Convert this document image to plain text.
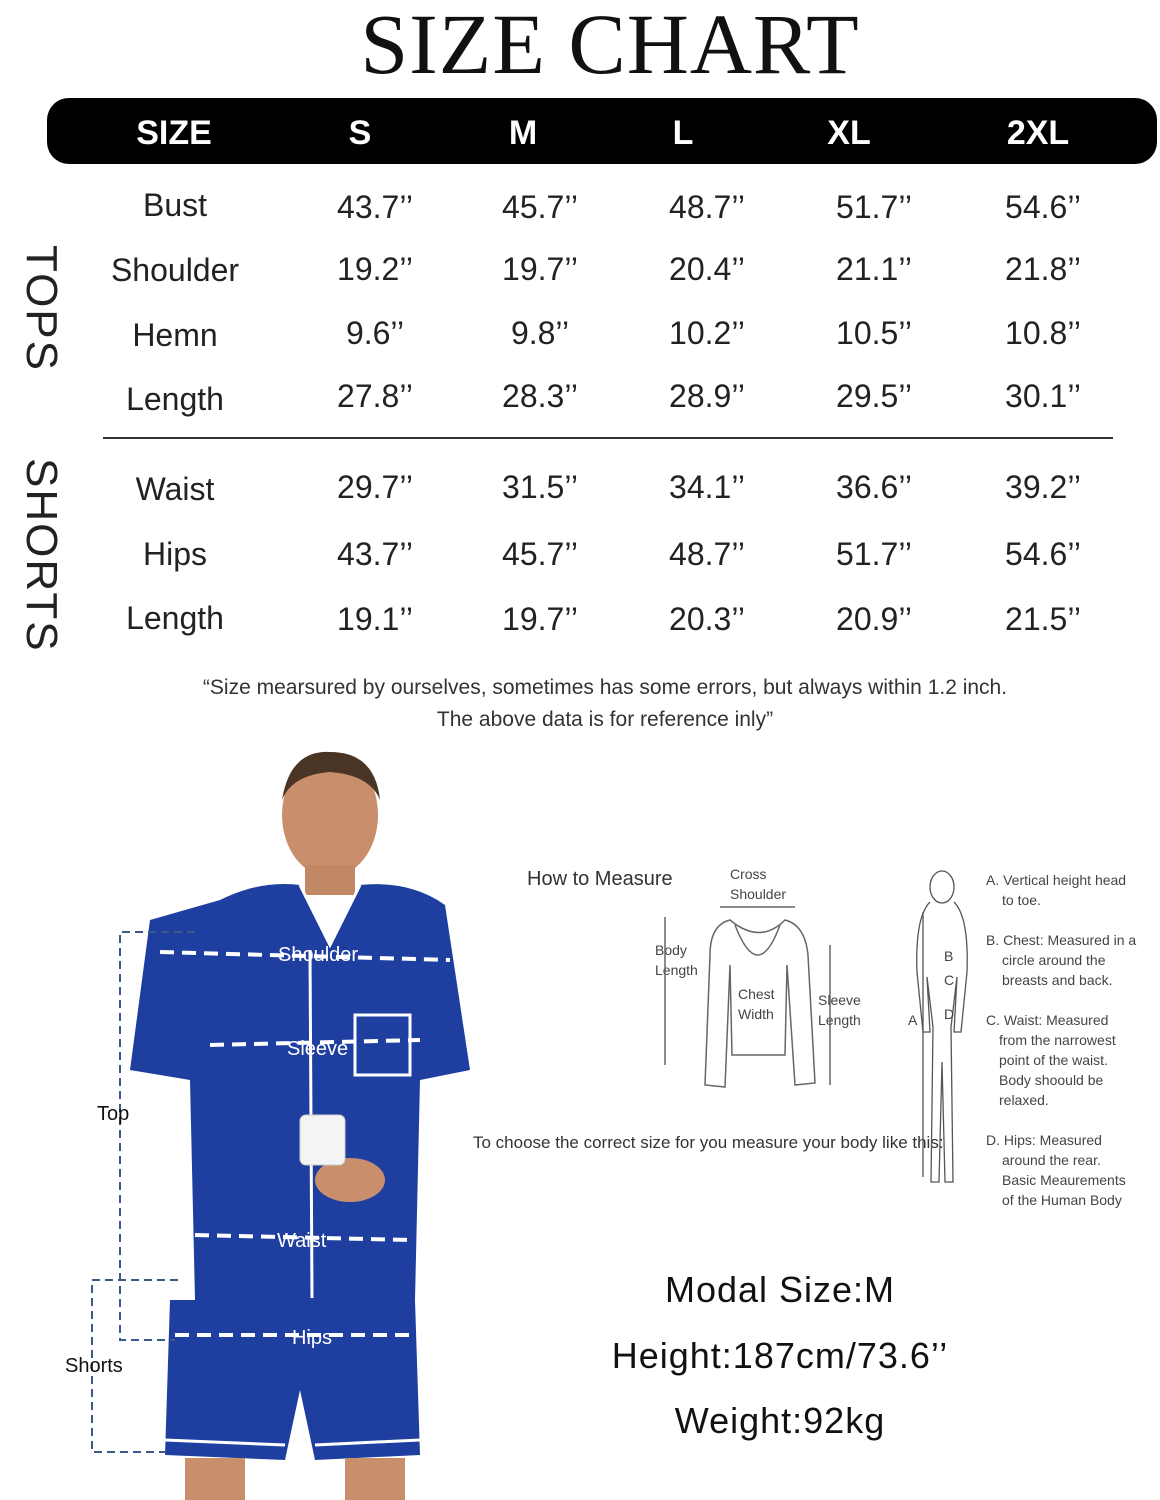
SIZE CHART
SIZE	S	M	L	XL	2XL
TOPS
SHORTS
Bust	43.7’’	45.7’’	48.7’’	51.7’’	54.6’’
Shoulder	19.2’’	19.7’’	20.4’’	21.1’’	21.8’’
Hemn	9.6’’	9.8’’	10.2’’	10.5’’	10.8’’
Length	27.8’’	28.3’’	28.9’’	29.5’’	30.1’’
Waist	29.7’’	31.5’’	34.1’’	36.6’’	39.2’’
Hips	43.7’’	45.7’’	48.7’’	51.7’’	54.6’’
Length	19.1’’	19.7’’	20.3’’	20.9’’	21.5’’
“Size mearsured by ourselves, sometimes has some errors, but always within 1.2 inch.
The above data is for reference inly”
Shoulder
Sleeve
Top
Waist
Shorts
Hips
How to Measure	Cross
Shoulder
Body
Length
Chest
Width
Sleeve
Length
To choose the correct size for you measure your body like this:
B
C
D
A
A. Vertical height head
to toe.
B. Chest: Measured in a
circle around the
breasts and back.
C. Waist: Measured
from the narrowest
point of the waist.
Body shoould be
relaxed.
D. Hips: Measured
around the rear.
Basic Meaurements
of the Human Body
Modal Size:M
Height:187cm/73.6’’
Weight:92kg
